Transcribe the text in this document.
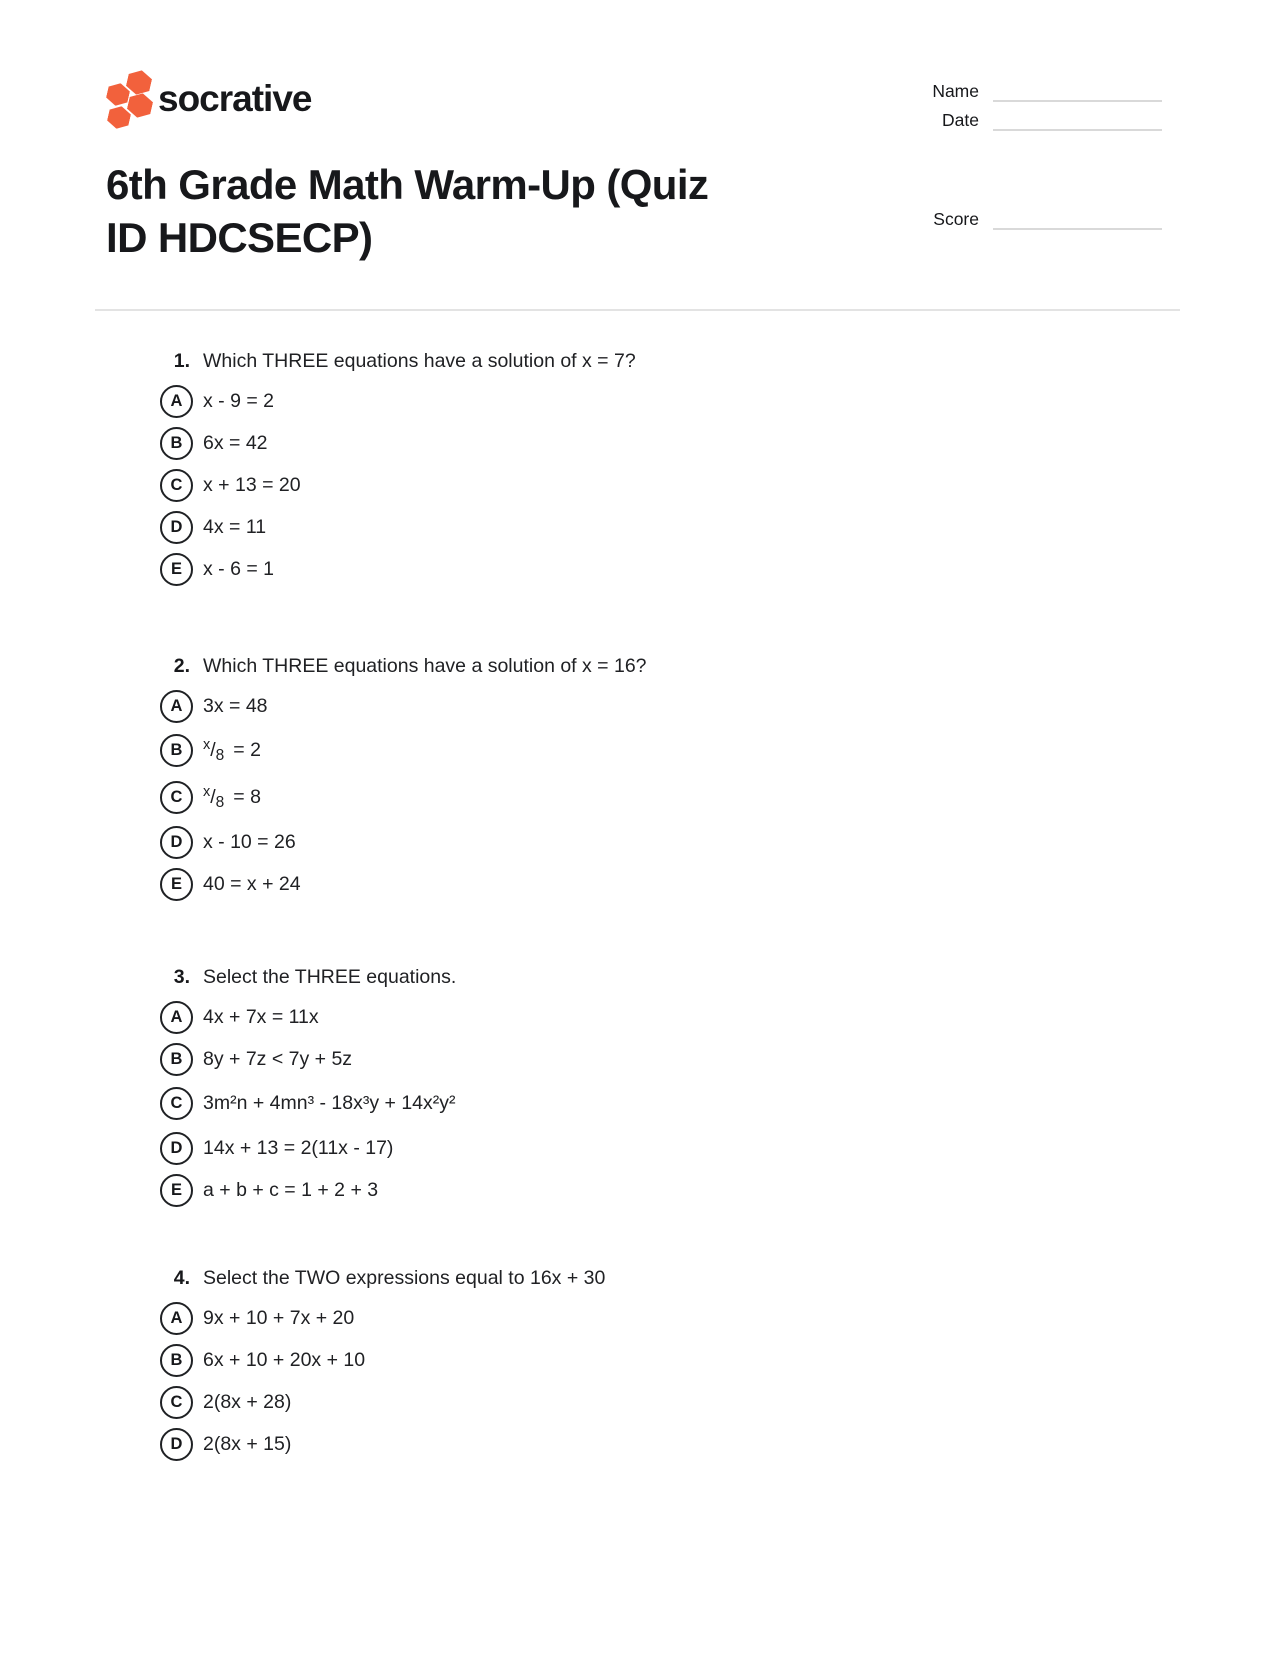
socrative	Name
Date
Score
6th Grade Math Warm-Up (Quiz
ID HDCSECP)
1. Which THREE equations have a solution of x = 7?
A	x - 9 = 2
B	6x = 42
C	x + 13 = 20
D	4x = 11
E	x - 6 = 1
2. Which THREE equations have a solution of x = 16?
A	3x = 48
B	$^x/_8 = 2$
C	$^x/_8 = 8$
D	x - 10 = 26
E	40 = x + 24
3. Select the THREE equations.
A	4x + 7x = 11x
B	8y + 7z < 7y + 5z
C	3m²n + 4mn³ - 18x³y + 14x²y²
D	14x + 13 = 2(11x - 17)
E	a + b + c = 1 + 2 + 3
4. Select the TWO expressions equal to 16x + 30
A	9x + 10 + 7x + 20
B	6x + 10 + 20x + 10
C	2(8x + 28)
D	2(8x + 15)
